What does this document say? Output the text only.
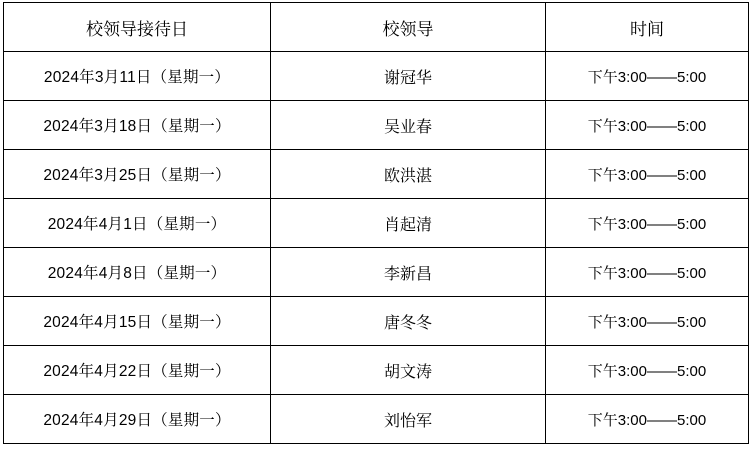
校领导接待日	校领导	时间
2024年3月11日（星期一）	谢冠华	下午3:00——5:00
2024年3月18日（星期一）	吴业春	下午3:00——5:00
2024年3月25日（星期一）	欧洪湛	下午3:00——5:00
2024年4月1日（星期一）	肖起清	下午3:00——5:00
2024年4月8日（星期一）	李新昌	下午3:00——5:00
2024年4月15日（星期一）	唐冬冬	下午3:00——5:00
2024年4月22日（星期一）	胡文涛	下午3:00——5:00
2024年4月29日（星期一）	刘怡军	下午3:00——5:00
